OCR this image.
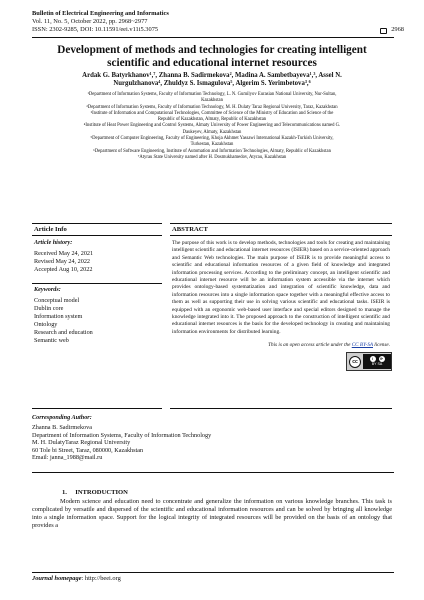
Bulletin of Electrical Engineering and Informatics
Vol. 11, No. 5, October 2022, pp. 2968~2977
ISSN: 2302-9285, DOI: 10.11591/eei.v11i5.3075	2968
Development of methods and technologies for creating intelligent scientific and educational internet resources
Ardak G. Batyrkhanov¹,⁷, Zhanna B. Sadirmekova², Madina A. Sambetbayeva¹,³, Assel N.
Nurgulzhanova⁴, Zhuldyz S. Ismagulova⁵, Algerim S. Yerimbetova³,⁶
¹Department of Information Systems, Faculty of Information Technology, L. N. Gumilyov Eurasian National University, Nur-Sultan,
Kazakhstan
²Department of Information Systems, Faculty of Information Technology, M. H. Dulaty Taraz Regional University, Taraz, Kazakhstan
³Institute of Information and Computational Technologies, Committee of Science of the Ministry of Education and Science of the
Republic of Kazakhstan, Almaty, Republic of Kazakhstan
⁴Institute of Heat Power Engineering and Control Systems, Almaty University of Power Engineering and Telecommunications named G.
Daukeyev, Almaty, Kazakhstan
⁵Department of Computer Engineering, Faculty of Engineering, Khoja Akhmet Yassawi International Kazakh-Turkish University,
Turkestan, Kazakhstan
⁶Department of Software Engineering, Institute of Automation and Information Technologies, Almaty, Republic of Kazakhstan
⁷Atyrau State University named after H. Dosmukhamedov, Atyrau, Kazakhstan
Article Info	ABSTRACT
Article history:
Received May 24, 2021
Revised May 24, 2022
Accepted Aug 10, 2022
Keywords:
Conceptual model
Dublin core
Information system
Ontology
Research and education
Semantic web
The purpose of this work is to develop methods, technologies and tools for creating and maintaining intelligent scientific and educational internet resources (ISIER) based on a service-oriented approach and Semantic Web technologies. The main purpose of ISEIR is to provide meaningful access to scientific and educational information resources of a given field of knowledge and integrated information processing services. According to the preliminary concept, an intelligent scientific and educational internet resource will be an information system accessible via the internet which provides ontology-based systematization and integration of scientific knowledge, data and information resources into a single information space together with a meaningful effective access to them as well as supporting their use in solving various scientific and educational tasks. ISEIR is equipped with an ergonomic web-based user interface and special editors designed to manage the knowledge integrated into it. The proposed approach to the construction of intelligent scientific and educational internet resources is the basis for the developed technology in creating and maintaining information environments for distributed learning.
This is an open access article under the CC BY-SA license.
cc	i	⟳
BY SA
Corresponding Author:
Zhanna B. Sadirmekova
Department of Information Systems, Faculty of Information Technology
M. H. DulatyTaraz Regional University
60 Tole bi Street, Taraz, 080000, Kazakhstan
Email: janna_1988@mail.ru
1.     INTRODUCTION
Modern science and education need to concentrate and generalize the information on various knowledge branches. This task is complicated by versatile and dispersed of the scientific and educational information resources and can be solved by bringing all knowledge into a single information space. Support for the logical integrity of integrated resources will be provided on the basis of an ontology that provides a
Journal homepage: http://beei.org
